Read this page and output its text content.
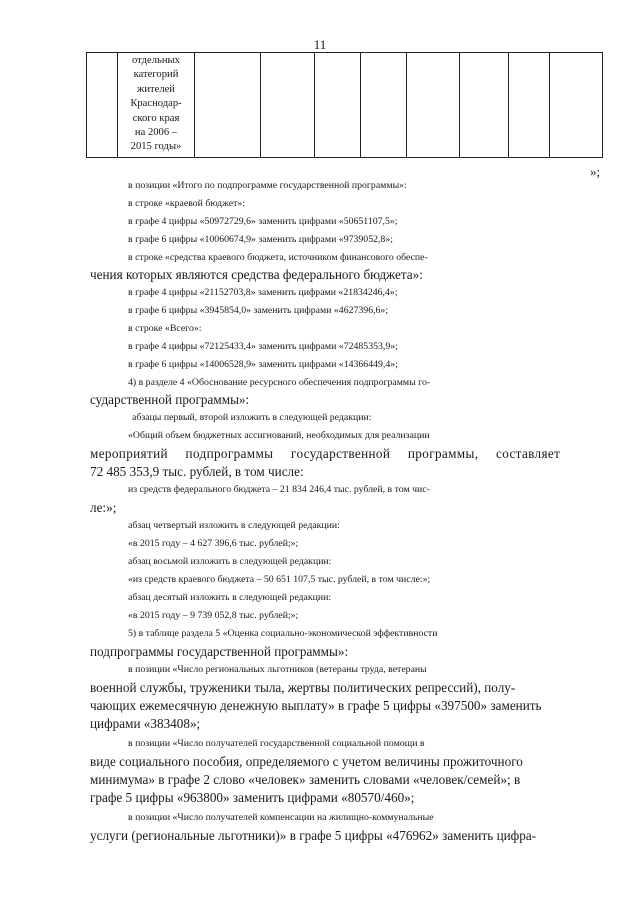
11

отдельных
категорий
жителей
Краснодар-
ского края
на 2006 –
2015 годы»

»;

в позиции «Итого по подпрограмме государственной программы»:

в строке «краевой бюджет»:

в графе 4 цифры «50972729,6» заменить цифрами «50651107,5»;

в графе 6 цифры «10060674,9» заменить цифрами «9739052,8»;

в строке «средства краевого бюджета, источником финансового обеспе-

чения которых являются средства федерального бюджета»:

в графе 4 цифры «21152703,8» заменить цифрами «21834246,4»;

в графе 6 цифры «3945854,0» заменить цифрами «4627396,6»;

в строке «Всего»:

в графе 4 цифры «72125433,4» заменить цифрами «72485353,9»;

в графе 6 цифры «14006528,9» заменить цифрами «14366449,4»;

4) в разделе 4 «Обоснование ресурсного обеспечения подпрограммы го-

сударственной программы»:

абзацы первый, второй изложить в следующей редакции:

«Общий объем бюджетных ассигнований, необходимых для реализации

мероприятий подпрограммы государственной программы, составляет

72 485 353,9 тыс. рублей, в том числе:

из средств федерального бюджета – 21 834 246,4 тыс. рублей, в том чис-

ле:»;

абзац четвертый изложить в следующей редакции:

«в 2015 году – 4 627 396,6 тыс. рублей;»;

абзац восьмой изложить в следующей редакции:

«из средств краевого бюджета – 50 651 107,5 тыс. рублей, в том числе:»;

абзац десятый изложить в следующей редакции:

«в 2015 году – 9 739 052,8 тыс. рублей;»;

5) в таблице раздела 5 «Оценка социально-экономической эффективности

подпрограммы государственной программы»:

в позиции «Число региональных льготников (ветераны труда, ветераны

военной службы, труженики тыла, жертвы политических репрессий), полу-

чающих ежемесячную денежную выплату» в графе 5 цифры «397500» заменить

цифрами «383408»;

в позиции «Число получателей государственной социальной помощи в

виде социального пособия, определяемого с учетом величины прожиточного

минимума» в графе 2 слово «человек» заменить словами «человек/семей»; в

графе 5 цифры «963800» заменить цифрами «80570/460»;

в позиции «Число получателей компенсации на жилищно-коммунальные

услуги (региональные льготники)» в графе 5 цифры «476962» заменить цифра-
